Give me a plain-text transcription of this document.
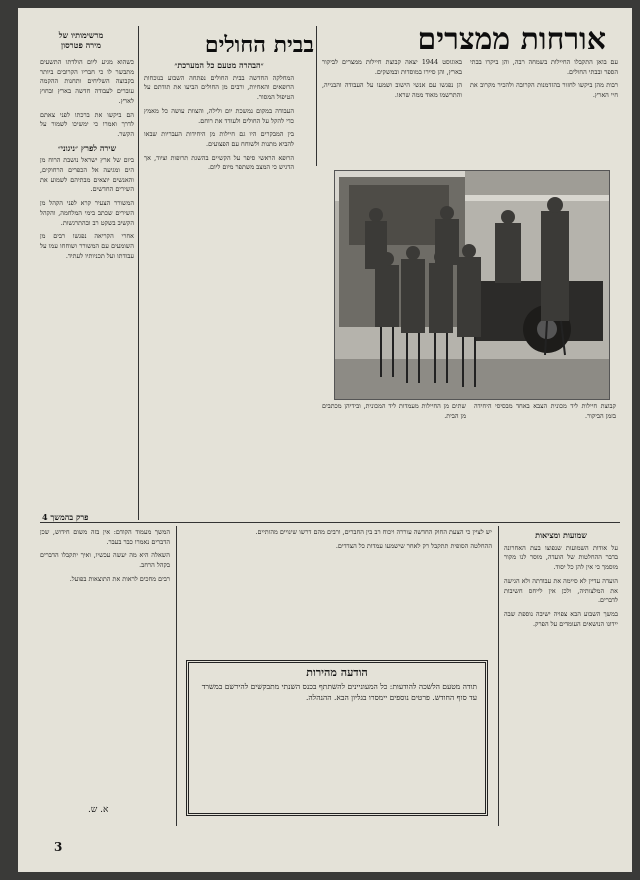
אורחות ממצרים
בבית החולים
מרשימותיו של
מירה פטרסון

כשהוא מגיע ליום הולדתו התשעים מתבשר לו כי חבריו הקרובים ביותר בקבוצה השליחים ותחנות ההקמה עוברים לעבודה חדשה בארץ ובחוץ לארץ.

הם ביקשו את ברכתו לפני צאתם לדרך ואמרו כי ימשיכו לשמור על הקשר.

שירה לפרץ ״ניגוני״

ביום של ארץ ישראל נושבת הרוח מן הים ומגיעה אל הכפרים הרחוקים, והאנשים יוצאים מבתיהם לשמוע את השירים החדשים.

המשורר הצעיר קרא לפני הקהל מן השירים שכתב בימי המלחמה, והקהל הקשיב בשקט רב ובהתרגשות.

אחרי הקריאה נפגשו רבים מן השומעים עם המשורר ושוחחו עמו על עבודתו ועל תכניותיו לעתיד.

פרק בהמשך 4
״הבהרה מטעם כל המערכת״

המחלקה החדשה בבית החולים נפתחה השבוע בנוכחות הרופאים והאחיות, ורבים מן החולים הביעו את תודתם על הטיפול המסור.

העבודה במקום נמשכת יום ולילה, והצוות עושה כל מאמץ כדי להקל על החולים ולעודד את רוחם.

בין המבקרים היו גם חיילות מן היחידות העבריות שבאו להביא מתנות ולשוחח עם הפצועים.

הרופא הראשי סיפר על הקשיים בהשגת תרופות וציוד, אך הדגיש כי המצב משתפר מיום ליום.

באוגוסט 1944 יצאה קבוצת חיילות ממצרים לביקור בארץ, והן סיירו במוסדות ובמשקים.

הן נפגשו עם אנשי הישוב ושמעו על העבודה והבנייה, והתרשמו מאוד ממה שראו.

עם בואן התקבלו החיילות בשמחה רבה, והן ביקרו בבתי הספר ובבתי החולים.

רבות מהן ביקשו לחזור בהזדמנות הקרובה ולהכיר מקרוב את חיי הארץ.

קבוצת חיילות ליד מכונית הצבא באחד מבסיסי היחידה בזמן הביקור.

שתים מן החיילות מעמדות ליד המכונית, ובידיהן מכתבים מן הבית.

שמועות ומציאות

על אודות השמועות שנפוצו בעת האחרונה בדבר ההחלטות של הועדה, מוסר לנו מקור מוסמך כי אין להן כל יסוד.

הועדה עדיין לא סיימה את עבודתה ולא הגישה את המלצותיה, ולכן אין לייחס חשיבות לדברים.

במשך השבוע הבא צפויה ישיבה נוספת שבה יידונו הנושאים העומדים על הפרק.

יש לציין כי הצעת החוק החדשה עוררה ויכוח רב בין החברים, ורבים מהם דרשו שינויים מהותיים.

ההחלטה הסופית תתקבל רק לאחר שישמעו עמדות כל הצדדים.

המשך מעמוד הקודם: אין בזה משום חידוש, שכן הדברים נאמרו כבר בעבר.

השאלה היא מה יעשה עכשיו, ואיך יתקבלו הדברים בקהל הרחב.

רבים מחכים לראות את התוצאות בפועל.

א. ש.
הודעה מהירות
תודה מטעם הלשכה להודעות: כל המעוניינים להשתתף בכנס השנתי מתבקשים להירשם במשרד עד סוף החודש. פרטים נוספים יימסרו בגליון הבא. ההנהלה.
3
